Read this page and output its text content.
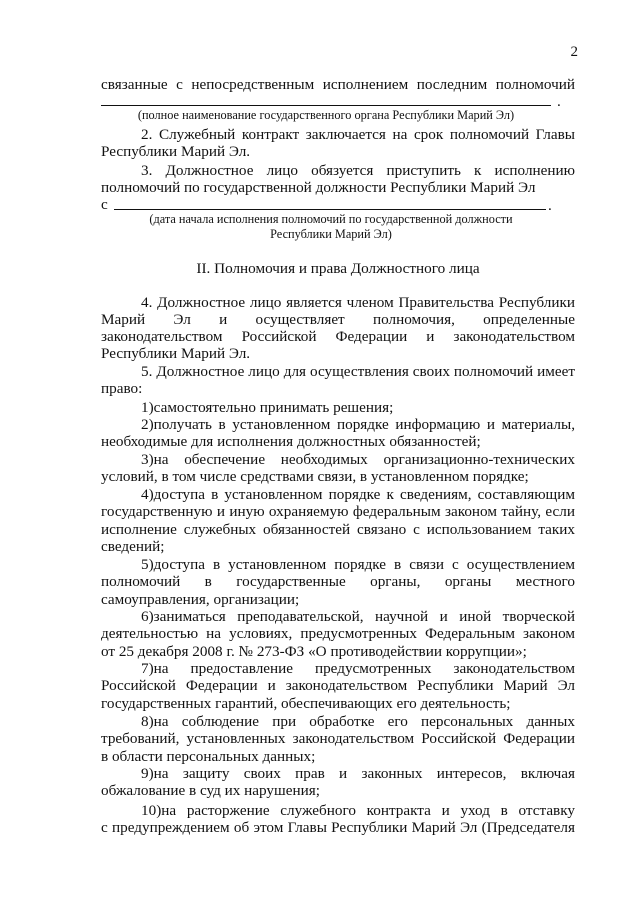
2
связанные с непосредственным исполнением последним полномочий
.
(полное наименование государственного органа Республики Марий Эл)
2. Служебный контракт заключается на срок полномочий Главы
Республики Марий Эл.
3. Должностное лицо обязуется приступить к исполнению
полномочий по государственной должности Республики Марий Эл
с	.
(дата начала исполнения полномочий по государственной должности
Республики Марий Эл)
II. Полномочия и права Должностного лица
4. Должностное лицо является членом Правительства Республики
Марий Эл и осуществляет полномочия, определенные
законодательством Российской Федерации и законодательством
Республики Марий Эл.
5. Должностное лицо для осуществления своих полномочий имеет
право:
1)самостоятельно принимать решения;
2)получать в установленном порядке информацию и материалы,
необходимые для исполнения должностных обязанностей;
3)на обеспечение необходимых организационно-технических
условий, в том числе средствами связи, в установленном порядке;
4)доступа в установленном порядке к сведениям, составляющим
государственную и иную охраняемую федеральным законом тайну, если
исполнение служебных обязанностей связано с использованием таких
сведений;
5)доступа в установленном порядке в связи с осуществлением
полномочий в государственные органы, органы местного
самоуправления, организации;
6)заниматься преподавательской, научной и иной творческой
деятельностью на условиях, предусмотренных Федеральным законом
от 25 декабря 2008 г. № 273-ФЗ «О противодействии коррупции»;
7)на предоставление предусмотренных законодательством
Российской Федерации и законодательством Республики Марий Эл
государственных гарантий, обеспечивающих его деятельность;
8)на соблюдение при обработке его персональных данных
требований, установленных законодательством Российской Федерации
в области персональных данных;
9)на защиту своих прав и законных интересов, включая
обжалование в суд их нарушения;
10)на расторжение служебного контракта и уход в отставку
с предупреждением об этом Главы Республики Марий Эл (Председателя
